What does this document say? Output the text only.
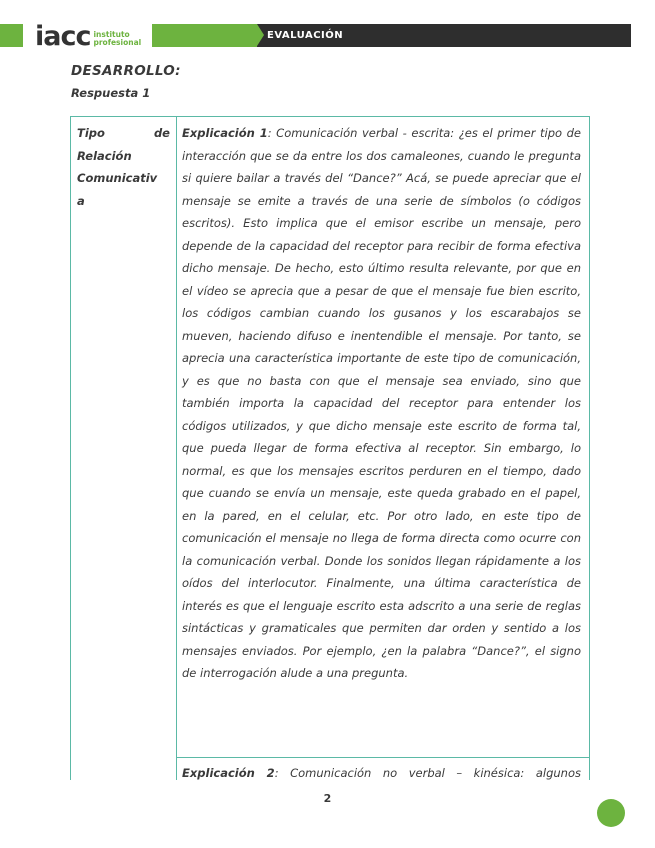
iacc instituto
profesional
EVALUACIÓN
DESARROLLO:
Respuesta 1
Tipo	de
Relación
Comunicativ
a
Explicación 1: Comunicación verbal - escrita: ¿es el primer tipo de interacción que se da entre los dos camaleones, cuando le pregunta si quiere bailar a través del “Dance?” Acá, se puede apreciar que el mensaje se emite a través de una serie de símbolos (o códigos escritos). Esto implica que el emisor escribe un mensaje, pero depende de la capacidad del receptor para recibir de forma efectiva dicho mensaje. De hecho, esto último resulta relevante, por que en el vídeo se aprecia que a pesar de que el mensaje fue bien escrito, los códigos cambian cuando los gusanos y los escarabajos se mueven, haciendo difuso e inentendible el mensaje. Por tanto, se aprecia una característica importante de este tipo de comunicación, y es que no basta con que el mensaje sea enviado, sino que también importa la capacidad del receptor para entender los códigos utilizados, y que dicho mensaje este escrito de forma tal, que pueda llegar de forma efectiva al receptor. Sin embargo, lo normal, es que los mensajes escritos perduren en el tiempo, dado que cuando se envía un mensaje, este queda grabado en el papel, en la pared, en el celular, etc. Por otro lado, en este tipo de comunicación el mensaje no llega de forma directa como ocurre con la comunicación verbal. Donde los sonidos llegan rápidamente a los oídos del interlocutor. Finalmente, una última característica de interés es que el lenguaje escrito esta adscrito a una serie de reglas sintácticas y gramaticales que permiten dar orden y sentido a los mensajes enviados. Por ejemplo, ¿en la palabra “Dance?”, el signo de interrogación alude a una pregunta.
Explicación 2: Comunicación no verbal – kinésica: algunos
2
